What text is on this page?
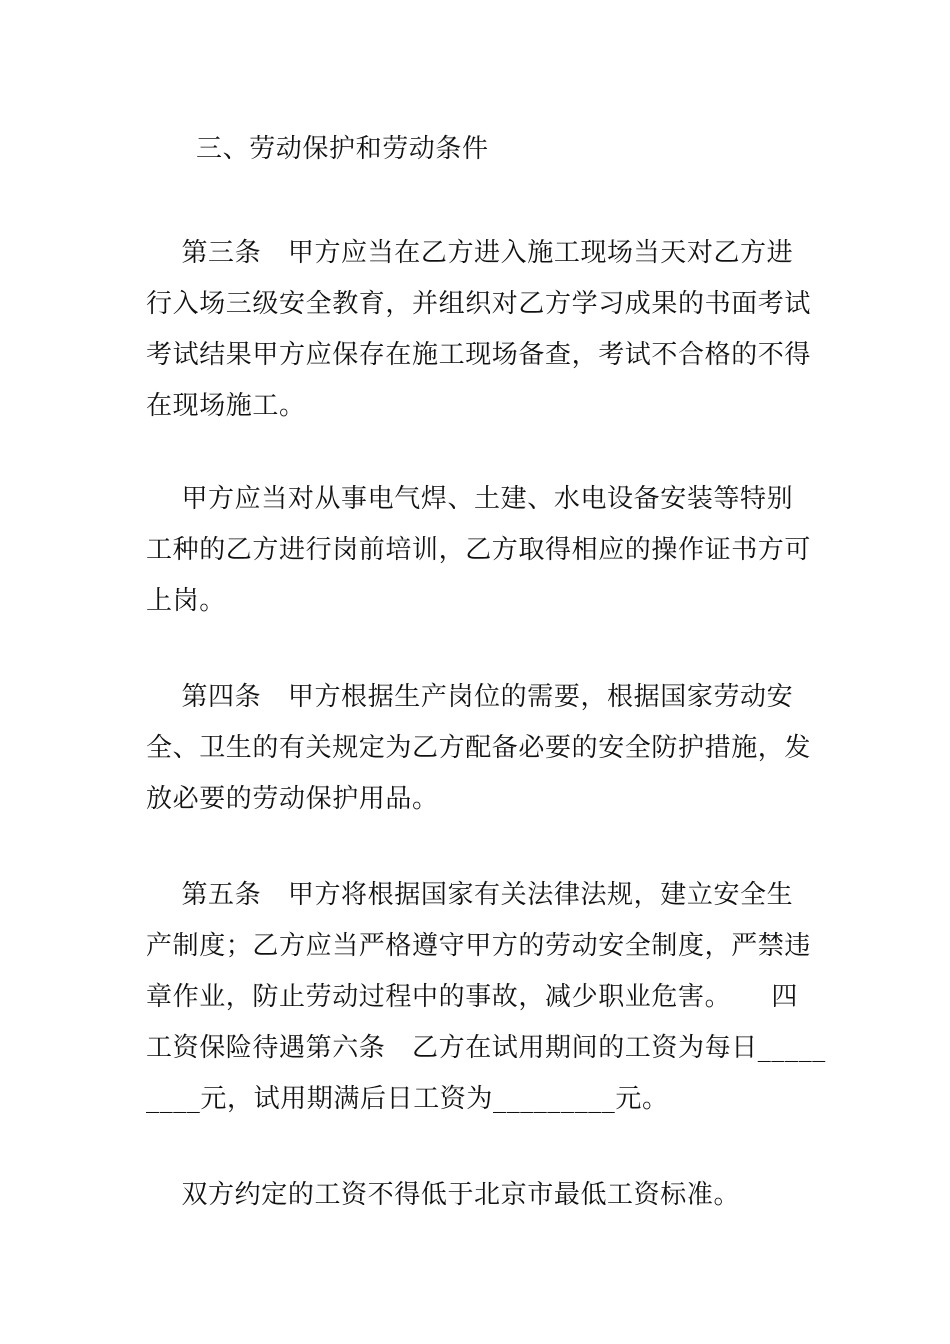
三、劳动保护和劳动条件
第三条　甲方应当在乙方进入施工现场当天对乙方进
行入场三级安全教育，并组织对乙方学习成果的书面考试
考试结果甲方应保存在施工现场备查，考试不合格的不得
在现场施工。
甲方应当对从事电气焊、土建、水电设备安装等特别
工种的乙方进行岗前培训，乙方取得相应的操作证书方可
上岗。
第四条　甲方根据生产岗位的需要，根据国家劳动安
全、卫生的有关规定为乙方配备必要的安全防护措施，发
放必要的劳动保护用品。
第五条　甲方将根据国家有关法律法规，建立安全生
产制度；乙方应当严格遵守甲方的劳动安全制度，严禁违
章作业，防止劳动过程中的事故，减少职业危害。　　四
工资保险待遇第六条　乙方在试用期间的工资为每日_____
____元，试用期满后日工资为_________元。
双方约定的工资不得低于北京市最低工资标准。
